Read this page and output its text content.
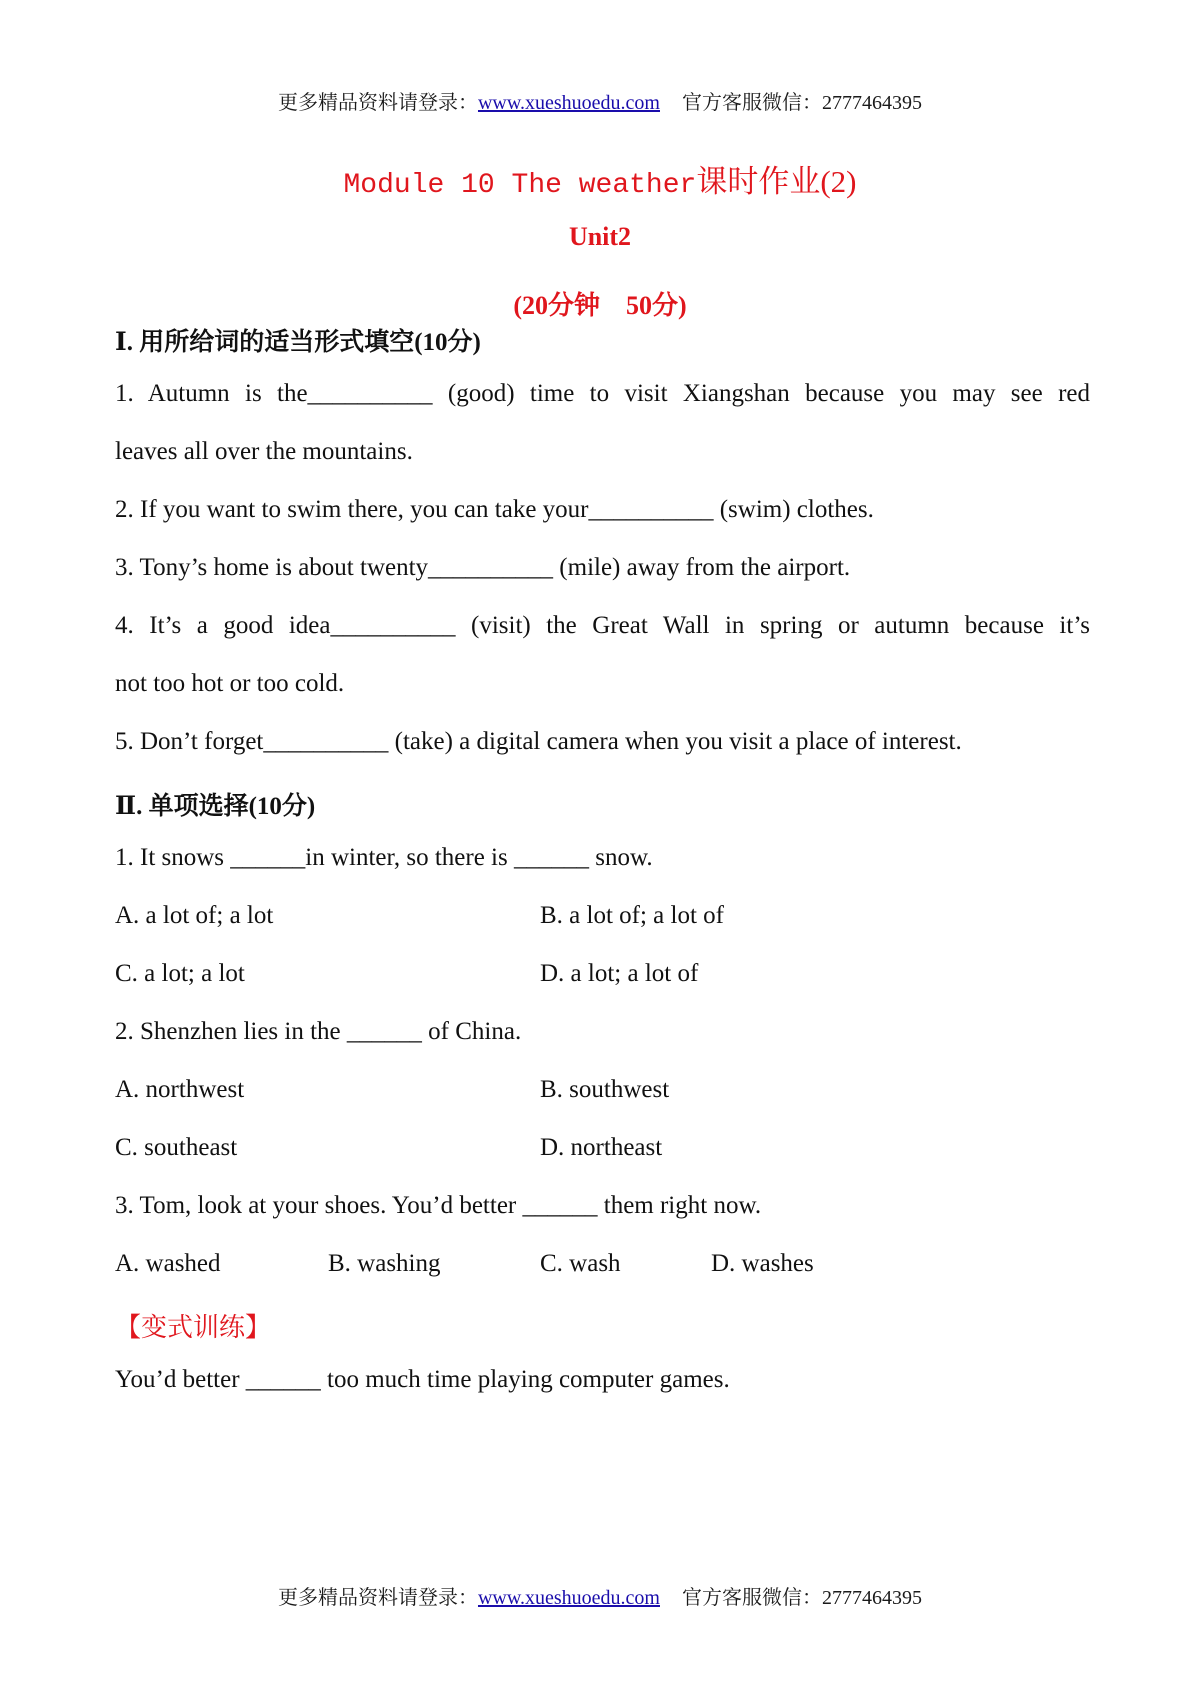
更多精品资料请登录：www.xueshuoedu.com 官方客服微信：2777464395
Module 10 The weather课时作业(2)
Unit2
(20分钟　50分)
Ⅰ. 用所给词的适当形式填空(10分)
1. Autumn is the__________ (good) time to visit Xiangshan because you may see red
leaves all over the mountains.
2. If you want to swim there, you can take your__________ (swim) clothes.
3. Tony’s home is about twenty__________ (mile) away from the airport.
4. It’s a good idea__________ (visit) the Great Wall in spring or autumn because it’s
not too hot or too cold.
5. Don’t forget__________ (take) a digital camera when you visit a place of interest.
Ⅱ. 单项选择(10分)
1. It snows ______in winter, so there is ______ snow.
A. a lot of; a lot	B. a lot of; a lot of
C. a lot; a lot	D. a lot; a lot of
2. Shenzhen lies in the ______ of China.
A. northwest	B. southwest
C. southeast	D. northeast
3. Tom, look at your shoes. You’d better ______ them right now.
A. washed	B. washing	C. wash	D. washes
【变式训练】
You’d better ______ too much time playing computer games.
更多精品资料请登录：www.xueshuoedu.com 官方客服微信：2777464395
